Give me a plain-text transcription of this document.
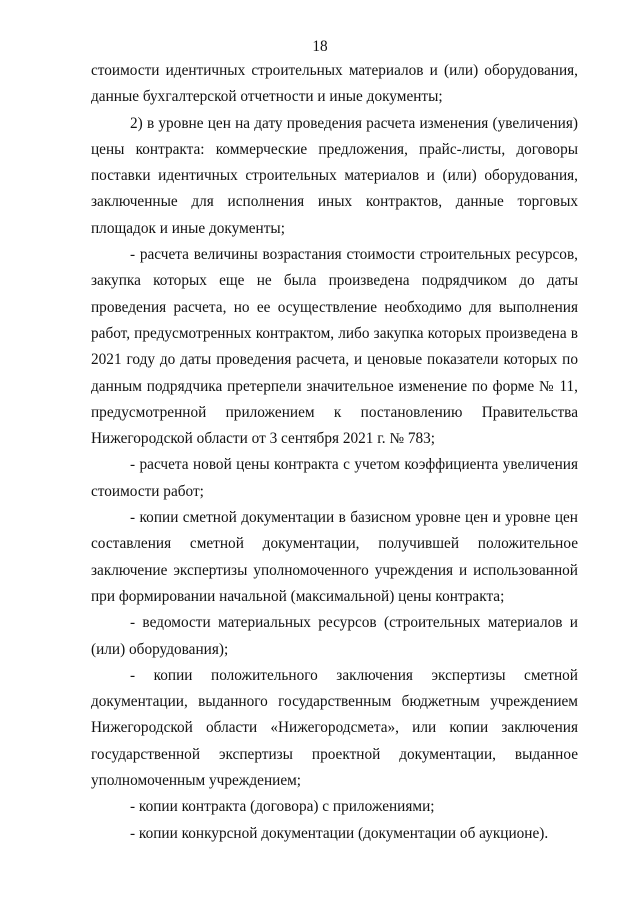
18

стоимости идентичных строительных материалов и (или) оборудования, данные бухгалтерской отчетности и иные документы;

2) в уровне цен на дату проведения расчета изменения (увеличения) цены контракта: коммерческие предложения, прайс-листы, договоры поставки идентичных строительных материалов и (или) оборудования, заключенные для исполнения иных контрактов, данные торговых площадок и иные документы;

- расчета величины возрастания стоимости строительных ресурсов, закупка которых еще не была произведена подрядчиком до даты проведения расчета, но ее осуществление необходимо для выполнения работ, предусмотренных контрактом, либо закупка которых произведена в 2021 году до даты проведения расчета, и ценовые показатели которых по данным подрядчика претерпели значительное изменение по форме № 11, предусмотренной приложением к постановлению Правительства Нижегородской области от 3 сентября 2021 г. № 783;

- расчета новой цены контракта с учетом коэффициента увеличения стоимости работ;

- копии сметной документации в базисном уровне цен и уровне цен составления сметной документации, получившей положительное заключение экспертизы уполномоченного учреждения и использованной при формировании начальной (максимальной) цены контракта;

- ведомости материальных ресурсов (строительных материалов и (или) оборудования);

- копии положительного заключения экспертизы сметной документации, выданного государственным бюджетным учреждением Нижегородской области «Нижегородсмета», или копии заключения государственной экспертизы проектной документации, выданное уполномоченным учреждением;

- копии контракта (договора) с приложениями;

- копии конкурсной документации (документации об аукционе).
